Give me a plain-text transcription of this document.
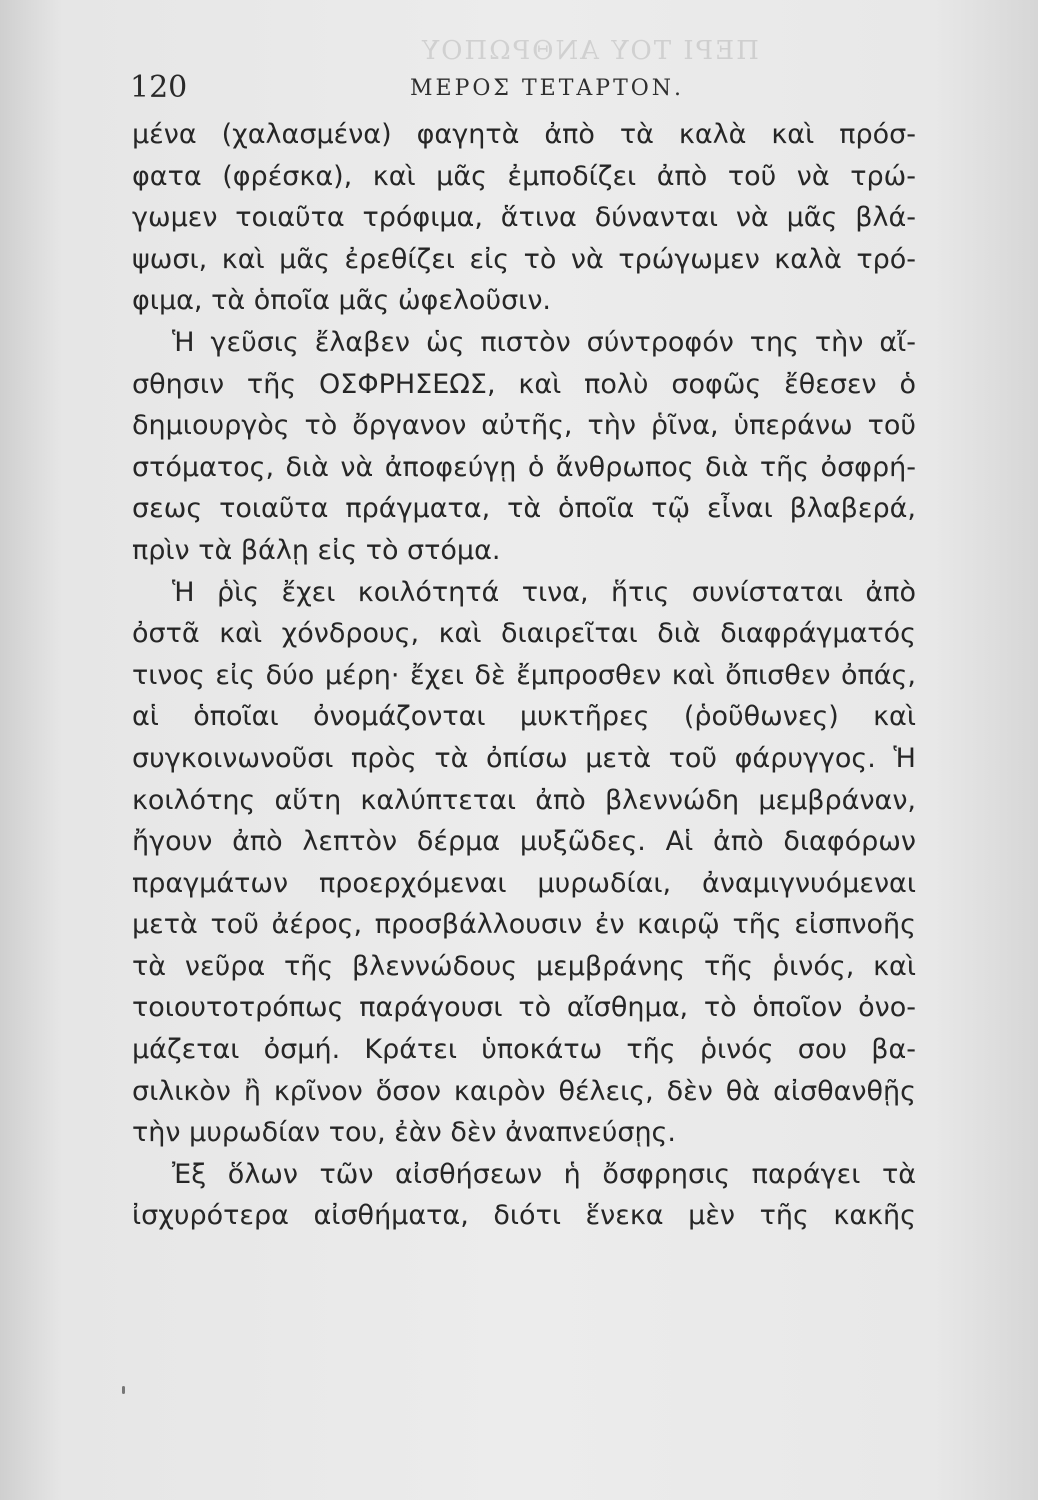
ΠΕΡΙ ΤΟΥ ΑΝΘΡΩΠΟΥ
120	ΜΕΡΟΣ ΤΕΤΑΡΤΟΝ.
μένα (χαλασμένα) φαγητὰ ἀπὸ τὰ καλὰ καὶ πρόσ-
φατα (φρέσκα), καὶ μᾶς ἐμποδίζει ἀπὸ τοῦ νὰ τρώ-
γωμεν τοιαῦτα τρόφιμα, ἅτινα δύνανται νὰ μᾶς βλά-
ψωσι, καὶ μᾶς ἐρεθίζει εἰς τὸ νὰ τρώγωμεν καλὰ τρό-
φιμα, τὰ ὁποῖα μᾶς ὠφελοῦσιν.
Ἡ γεῦσις ἔλαβεν ὡς πιστὸν σύντροφόν της τὴν αἴ-
σθησιν τῆς ΟΣΦΡΗΣΕΩΣ, καὶ πολὺ σοφῶς ἔθεσεν ὁ
δημιουργὸς τὸ ὄργανον αὐτῆς, τὴν ῥῖνα, ὑπεράνω τοῦ
στόματος, διὰ νὰ ἀποφεύγῃ ὁ ἄνθρωπος διὰ τῆς ὀσφρή-
σεως τοιαῦτα πράγματα, τὰ ὁποῖα τῷ εἶναι βλαβερά,
πρὶν τὰ βάλῃ εἰς τὸ στόμα.
Ἡ ῥὶς ἔχει κοιλότητά τινα, ἥτις συνίσταται ἀπὸ
ὀστᾶ καὶ χόνδρους, καὶ διαιρεῖται διὰ διαφράγματός
τινος εἰς δύο μέρη· ἔχει δὲ ἔμπροσθεν καὶ ὄπισθεν ὀπάς,
αἱ ὁποῖαι ὀνομάζονται μυκτῆρες (ῥοῦθωνες) καὶ
συγκοινωνοῦσι πρὸς τὰ ὀπίσω μετὰ τοῦ φάρυγγος. Ἡ
κοιλότης αὕτη καλύπτεται ἀπὸ βλεννώδη μεμβράναν,
ἤγουν ἀπὸ λεπτὸν δέρμα μυξῶδες. Αἱ ἀπὸ διαφόρων
πραγμάτων προερχόμεναι μυρωδίαι, ἀναμιγνυόμεναι
μετὰ τοῦ ἀέρος, προσβάλλουσιν ἐν καιρῷ τῆς εἰσπνοῆς
τὰ νεῦρα τῆς βλεννώδους μεμβράνης τῆς ῥινός, καὶ
τοιουτοτρόπως παράγουσι τὸ αἴσθημα, τὸ ὁποῖον ὀνο-
μάζεται ὀσμή. Κράτει ὑποκάτω τῆς ῥινός σου βα-
σιλικὸν ἢ κρῖνον ὅσον καιρὸν θέλεις, δὲν θὰ αἰσθανθῇς
τὴν μυρωδίαν του, ἐὰν δὲν ἀναπνεύσῃς.
Ἐξ ὅλων τῶν αἰσθήσεων ἡ ὄσφρησις παράγει τὰ
ἰσχυρότερα αἰσθήματα, διότι ἕνεκα μὲν τῆς κακῆς
